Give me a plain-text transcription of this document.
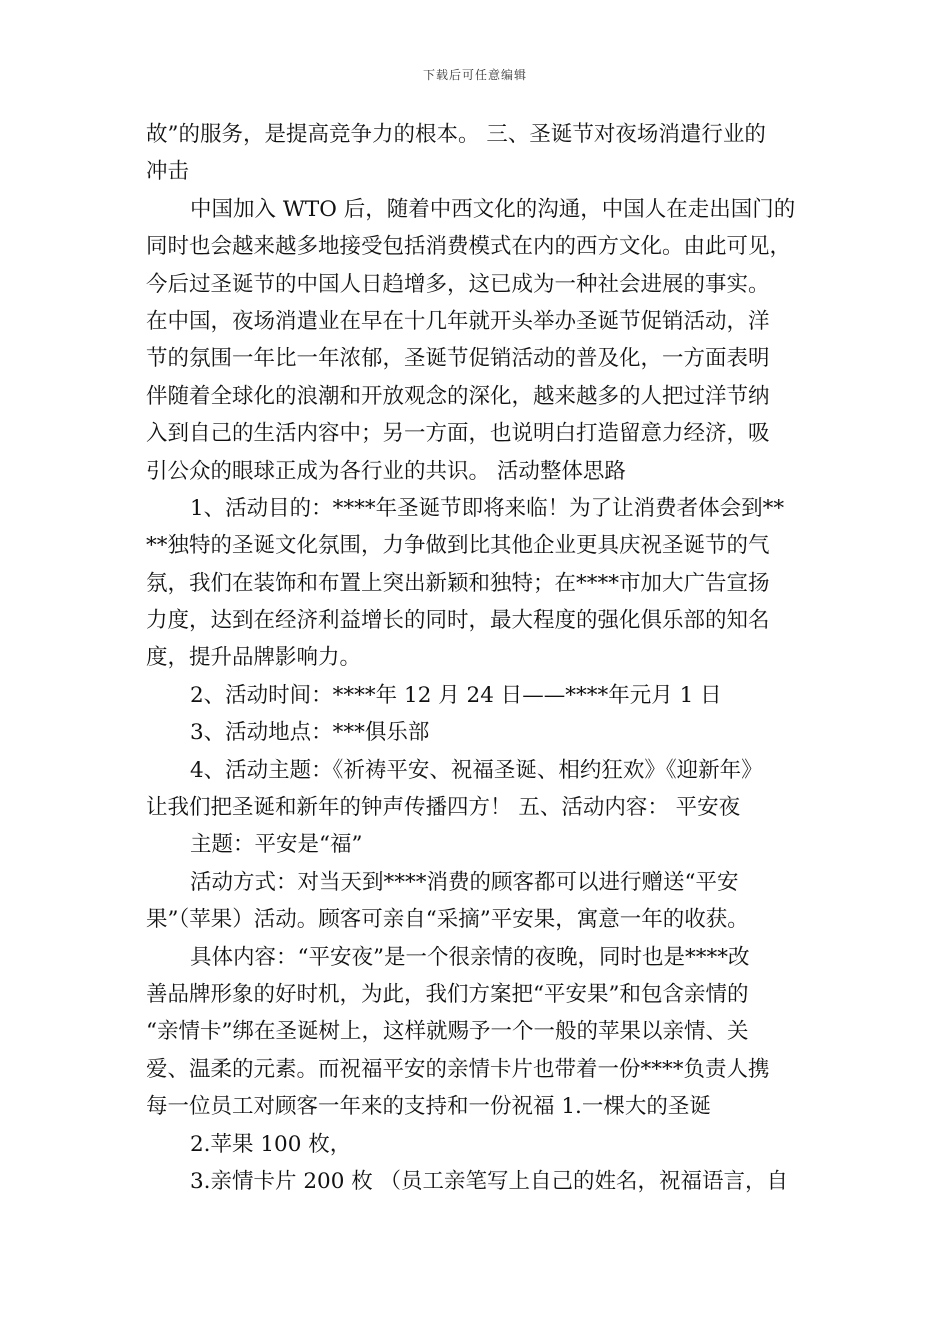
下载后可任意编辑
故”的服务，是提高竞争力的根本。 三、圣诞节对夜场消遣行业的
冲击
中国加入 WTO 后，随着中西文化的沟通，中国人在走出国门的
同时也会越来越多地接受包括消费模式在内的西方文化。由此可见，
今后过圣诞节的中国人日趋增多，这已成为一种社会进展的事实。
在中国，夜场消遣业在早在十几年就开头举办圣诞节促销活动，洋
节的氛围一年比一年浓郁，圣诞节促销活动的普及化，一方面表明
伴随着全球化的浪潮和开放观念的深化，越来越多的人把过洋节纳
入到自己的生活内容中；另一方面，也说明白打造留意力经济，吸
引公众的眼球正成为各行业的共识。 活动整体思路
1、活动目的：****年圣诞节即将来临！为了让消费者体会到**
**独特的圣诞文化氛围，力争做到比其他企业更具庆祝圣诞节的气
氛，我们在装饰和布置上突出新颖和独特；在****市加大广告宣扬
力度，达到在经济利益增长的同时，最大程度的强化俱乐部的知名
度，提升品牌影响力。
2、活动时间：****年 12 月 24 日——****年元月 1 日
3、活动地点：***俱乐部
4、活动主题：《祈祷平安、祝福圣诞、相约狂欢》《迎新年》
让我们把圣诞和新年的钟声传播四方！ 五、活动内容： 平安夜
主题：平安是“福”
活动方式：对当天到****消费的顾客都可以进行赠送“平安
果”（苹果）活动。顾客可亲自“采摘”平安果，寓意一年的收获。
具体内容：“平安夜”是一个很亲情的夜晚，同时也是****改
善品牌形象的好时机，为此，我们方案把“平安果”和包含亲情的
“亲情卡”绑在圣诞树上，这样就赐予一个一般的苹果以亲情、关
爱、温柔的元素。而祝福平安的亲情卡片也带着一份****负责人携
每一位员工对顾客一年来的支持和一份祝福 1.一棵大的圣诞
2.苹果 100 枚，
3.亲情卡片 200 枚 （员工亲笔写上自己的姓名，祝福语言，自
